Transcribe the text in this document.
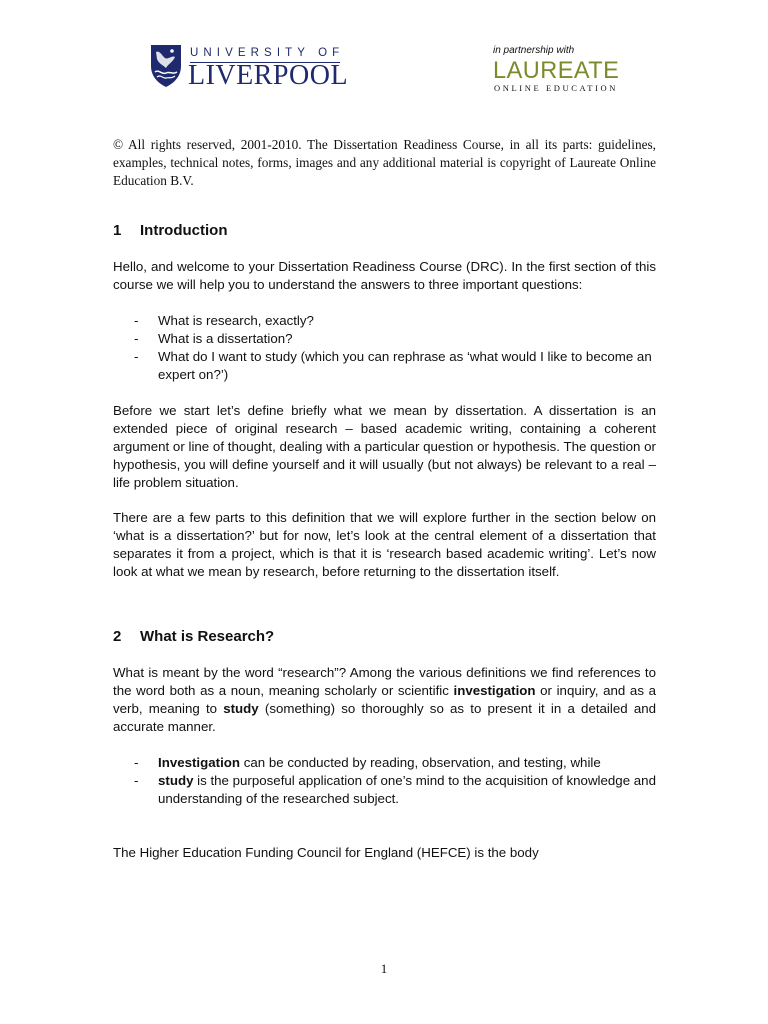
UNIVERSITY OF
LIVERPOOL
in partnership with
LAUREATE
ONLINE EDUCATION

© All rights reserved, 2001-2010. The Dissertation Readiness Course, in all its parts: guidelines, examples, technical notes, forms, images and any additional material is copyright of Laureate Online Education B.V.

1 Introduction

Hello, and welcome to your Dissertation Readiness Course (DRC). In the first section of this course we will help you to understand the answers to three important questions:

- What is research, exactly?
- What is a dissertation?
- What do I want to study (which you can rephrase as ‘what would I like to become an expert on?’)

Before we start let’s define briefly what we mean by dissertation. A dissertation is an extended piece of original research – based academic writing, containing a coherent argument or line of thought, dealing with a particular question or hypothesis. The question or hypothesis, you will define yourself and it will usually (but not always) be relevant to a real – life problem situation.

There are a few parts to this definition that we will explore further in the section below on ‘what is a dissertation?’ but for now, let’s look at the central element of a dissertation that separates it from a project, which is that it is ‘research based academic writing’. Let’s now look at what we mean by research, before returning to the dissertation itself.

2 What is Research?

What is meant by the word “research”? Among the various definitions we find references to the word both as a noun, meaning scholarly or scientific investigation or inquiry, and as a verb, meaning to study (something) so thoroughly so as to present it in a detailed and accurate manner.

- Investigation can be conducted by reading, observation, and testing, while
- study is the purposeful application of one’s mind to the acquisition of knowledge and understanding of the researched subject.

The Higher Education Funding Council for England (HEFCE) is the body

1
